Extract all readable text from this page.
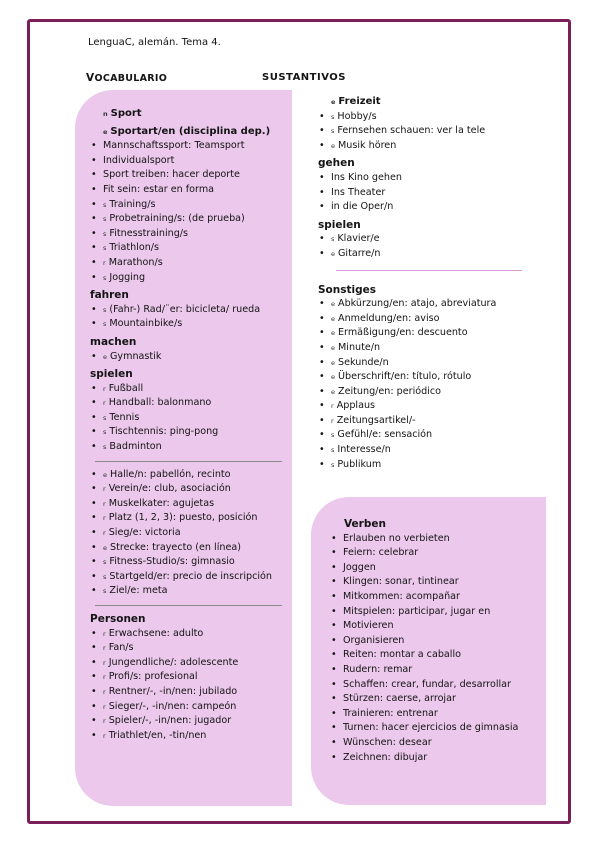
LenguaC, alemán. Tema 4.
VOCABULARIO	SUSTANTIVOS
$^n$ Sport
$^e$ Sportart/en (disciplina dep.)
• Mannschaftssport: Teamsport
• Individualsport
• Sport treiben: hacer deporte
• Fit sein: estar en forma
• $^s$ Training/s
• $^s$ Probetraining/s: (de prueba)
• $^s$ Fitnesstraining/s
• $^s$ Triathlon/s
• $^r$ Marathon/s
• $^s$ Jogging
fahren
• $^s$ (Fahr-) Rad/¨er: bicicleta/ rueda
• $^s$ Mountainbike/s
machen
• $^e$ Gymnastik
spielen
• $^r$ Fußball
• $^r$ Handball: balonmano
• $^s$ Tennis
• $^s$ Tischtennis: ping-pong
• $^s$ Badminton
• $^e$ Halle/n: pabellón, recinto
• $^r$ Verein/e: club, asociación
• $^r$ Muskelkater: agujetas
• $^r$ Platz (1, 2, 3): puesto, posición
• $^r$ Sieg/e: victoria
• $^e$ Strecke: trayecto (en línea)
• $^s$ Fitness-Studio/s: gimnasio
• $^s$ Startgeld/er: precio de inscripción
• $^s$ Ziel/e: meta
Personen
• $^r$ Erwachsene: adulto
• $^r$ Fan/s
• $^r$ Jungendliche/: adolescente
• $^r$ Profi/s: profesional
• $^r$ Rentner/-, -in/nen: jubilado
• $^r$ Sieger/-, -in/nen: campeón
• $^r$ Spieler/-, -in/nen: jugador
• $^r$ Triathlet/en, -tin/nen
$^e$ Freizeit
• $^s$ Hobby/s
• $^s$ Fernsehen schauen: ver la tele
• $^e$ Musik hören
gehen
• Ins Kino gehen
• Ins Theater
• in die Oper/n
spielen
• $^s$ Klavier/e
• $^e$ Gitarre/n
Sonstiges
• $^e$ Abkürzung/en: atajo, abreviatura
• $^e$ Anmeldung/en: aviso
• $^e$ Ermäßigung/en: descuento
• $^e$ Minute/n
• $^e$ Sekunde/n
• $^e$ Überschrift/en: título, rótulo
• $^e$ Zeitung/en: periódico
• $^r$ Applaus
• $^r$ Zeitungsartikel/-
• $^s$ Gefühl/e: sensación
• $^s$ Interesse/n
• $^s$ Publikum
Verben
• Erlauben no verbieten
• Feiern: celebrar
• Joggen
• Klingen: sonar, tintinear
• Mitkommen: acompañar
• Mitspielen: participar, jugar en
• Motivieren
• Organisieren
• Reiten: montar a caballo
• Rudern: remar
• Schaffen: crear, fundar, desarrollar
• Stürzen: caerse, arrojar
• Trainieren: entrenar
• Turnen: hacer ejercicios de gimnasia
• Wünschen: desear
• Zeichnen: dibujar
